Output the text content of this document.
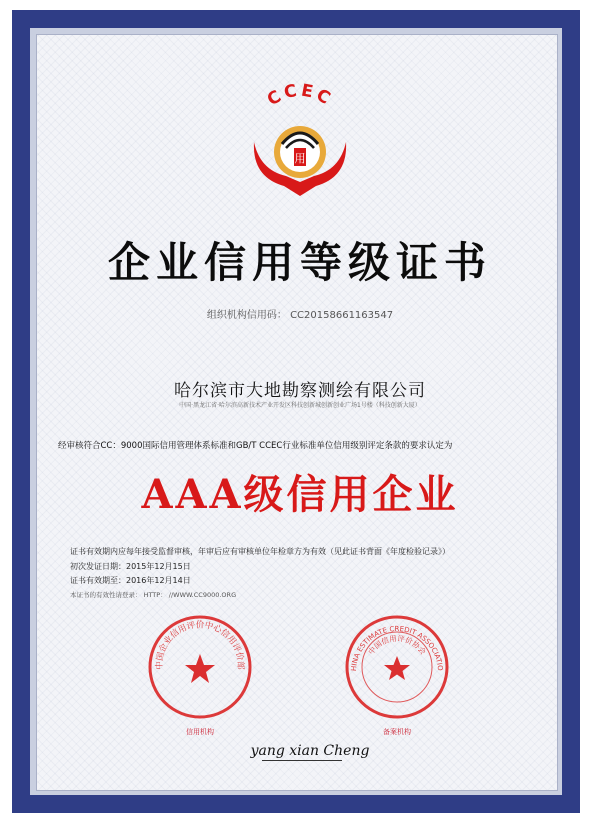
CCEC
用
企业信用等级证书
组织机构信用码： CC20158661163547
哈尔滨市大地勘察测绘有限公司
中国·黑龙江省·哈尔滨高新技术产业开发区科技创新城创新创业广场1号楼（科技创新大厦）
经审核符合CC：9000国际信用管理体系标准和GB/T CCEC行业标准单位信用级别评定条款的要求认定为
AAA级信用企业
证书有效期内应每年接受监督审核，年审后应有审核单位年检章方为有效（见此证书背面《年度检验记录》）
初次发证日期：2015年12月15日
证书有效期至：2016年12月14日
本证书的有效性请登录： HTTP： //WWW.CC9000.ORG
中国企业信用评价中心信用评价部
信用机构
HINA ESTIMATE CREDIT ASSOCIATIO
中国信用评价协会
备案机构
yang xian Cheng
